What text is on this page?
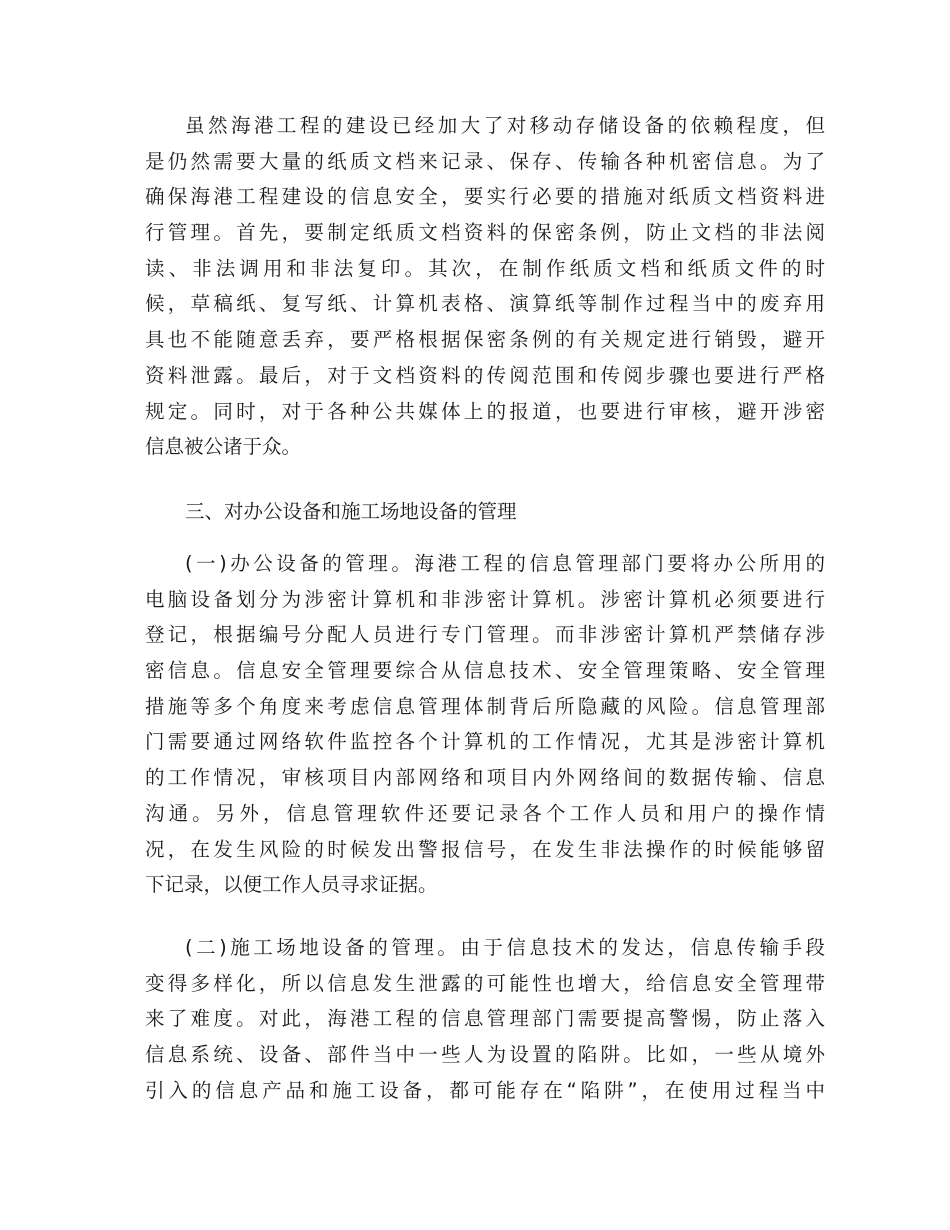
虽然海港工程的建设已经加大了对移动存储设备的依赖程度，但
是仍然需要大量的纸质文档来记录、保存、传输各种机密信息。为了
确保海港工程建设的信息安全，要实行必要的措施对纸质文档资料进
行管理。首先，要制定纸质文档资料的保密条例，防止文档的非法阅
读、非法调用和非法复印。其次，在制作纸质文档和纸质文件的时
候，草稿纸、复写纸、计算机表格、演算纸等制作过程当中的废弃用
具也不能随意丢弃，要严格根据保密条例的有关规定进行销毁，避开
资料泄露。最后，对于文档资料的传阅范围和传阅步骤也要进行严格
规定。同时，对于各种公共媒体上的报道，也要进行审核，避开涉密
信息被公诸于众。
三、对办公设备和施工场地设备的管理
(一)办公设备的管理。海港工程的信息管理部门要将办公所用的
电脑设备划分为涉密计算机和非涉密计算机。涉密计算机必须要进行
登记，根据编号分配人员进行专门管理。而非涉密计算机严禁储存涉
密信息。信息安全管理要综合从信息技术、安全管理策略、安全管理
措施等多个角度来考虑信息管理体制背后所隐藏的风险。信息管理部
门需要通过网络软件监控各个计算机的工作情况，尤其是涉密计算机
的工作情况，审核项目内部网络和项目内外网络间的数据传输、信息
沟通。另外，信息管理软件还要记录各个工作人员和用户的操作情
况，在发生风险的时候发出警报信号，在发生非法操作的时候能够留
下记录，以便工作人员寻求证据。
(二)施工场地设备的管理。由于信息技术的发达，信息传输手段
变得多样化，所以信息发生泄露的可能性也增大，给信息安全管理带
来了难度。对此，海港工程的信息管理部门需要提高警惕，防止落入
信息系统、设备、部件当中一些人为设置的陷阱。比如，一些从境外
引入的信息产品和施工设备，都可能存在“陷阱”，在使用过程当中
